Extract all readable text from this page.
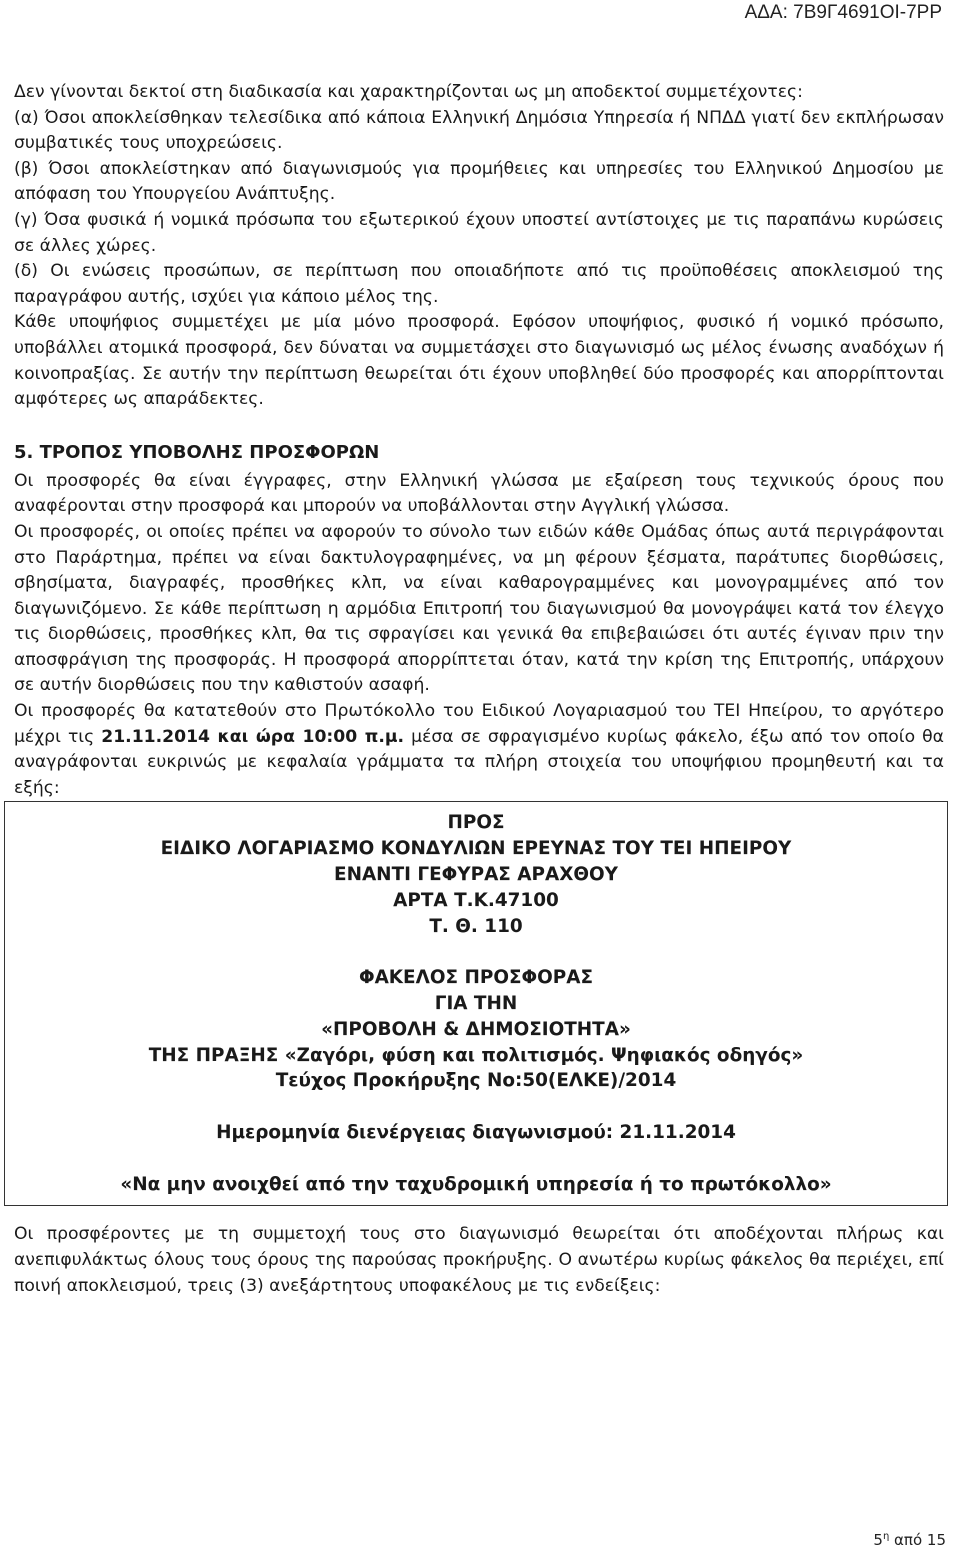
ΑΔΑ: 7Β9Γ4691ΟΙ-7ΡΡ

Δεν γίνονται δεκτοί στη διαδικασία και χαρακτηρίζονται ως μη αποδεκτοί συμμετέχοντες:

(α) Όσοι αποκλείσθηκαν τελεσίδικα από κάποια Ελληνική Δημόσια Υπηρεσία ή ΝΠΔΔ γιατί δεν εκπλήρωσαν συμβατικές τους υποχρεώσεις.

(β) Όσοι αποκλείστηκαν από διαγωνισμούς για προμήθειες και υπηρεσίες του Ελληνικού Δημοσίου με απόφαση του Υπουργείου Ανάπτυξης.

(γ) Όσα φυσικά ή νομικά πρόσωπα του εξωτερικού έχουν υποστεί αντίστοιχες με τις παραπάνω κυρώσεις σε άλλες χώρες.

(δ) Οι ενώσεις προσώπων, σε περίπτωση που οποιαδήποτε από τις προϋποθέσεις αποκλεισμού της παραγράφου αυτής, ισχύει για κάποιο μέλος της.

Κάθε υποψήφιος συμμετέχει με μία μόνο προσφορά. Εφόσον υποψήφιος, φυσικό ή νομικό πρόσωπο, υποβάλλει ατομικά προσφορά, δεν δύναται να συμμετάσχει στο διαγωνισμό ως μέλος ένωσης αναδόχων ή κοινοπραξίας. Σε αυτήν την περίπτωση θεωρείται ότι έχουν υποβληθεί δύο προσφορές και απορρίπτονται αμφότερες ως απαράδεκτες.

5. ΤΡΟΠΟΣ ΥΠΟΒΟΛΗΣ ΠΡΟΣΦΟΡΩΝ

Οι προσφορές θα είναι έγγραφες, στην Ελληνική γλώσσα με εξαίρεση τους τεχνικούς όρους που αναφέρονται στην προσφορά και μπορούν να υποβάλλονται στην Αγγλική γλώσσα.

Οι προσφορές, οι οποίες πρέπει να αφορούν το σύνολο των ειδών κάθε Ομάδας όπως αυτά περιγράφονται στο Παράρτημα, πρέπει να είναι δακτυλογραφημένες, να μη φέρουν ξέσματα, παράτυπες διορθώσεις, σβησίματα, διαγραφές, προσθήκες κλπ, να είναι καθαρογραμμένες και μονογραμμένες από τον διαγωνιζόμενο. Σε κάθε περίπτωση η αρμόδια Επιτροπή του διαγωνισμού θα μονογράψει κατά τον έλεγχο τις διορθώσεις, προσθήκες κλπ, θα τις σφραγίσει και γενικά θα επιβεβαιώσει ότι αυτές έγιναν πριν την αποσφράγιση της προσφοράς. Η προσφορά απορρίπτεται όταν, κατά την κρίση της Επιτροπής, υπάρχουν σε αυτήν διορθώσεις που την καθιστούν ασαφή.

Οι προσφορές θα κατατεθούν στο Πρωτόκολλο του Ειδικού Λογαριασμού του ΤΕΙ Ηπείρου, το αργότερο μέχρι τις 21.11.2014 και ώρα 10:00 π.μ. μέσα σε σφραγισμένο κυρίως φάκελο, έξω από τον οποίο θα αναγράφονται ευκρινώς με κεφαλαία γράμματα τα πλήρη στοιχεία του υποψήφιου προμηθευτή και τα εξής:

ΠΡΟΣ
ΕΙΔΙΚΟ ΛΟΓΑΡΙΑΣΜΟ ΚΟΝΔΥΛΙΩΝ ΕΡΕΥΝΑΣ ΤΟΥ ΤΕΙ ΗΠΕΙΡΟΥ
ΕΝΑΝΤΙ ΓΕΦΥΡΑΣ ΑΡΑΧΘΟΥ
ΑΡΤΑ Τ.Κ.47100
Τ. Θ. 110
ΦΑΚΕΛΟΣ ΠΡΟΣΦΟΡΑΣ
ΓΙΑ ΤΗΝ
«ΠΡΟΒΟΛΗ & ΔΗΜΟΣΙΟΤΗΤΑ»
ΤΗΣ ΠΡΑΞΗΣ «Ζαγόρι, φύση και πολιτισμός. Ψηφιακός οδηγός»
Τεύχος Προκήρυξης Νο:50(ΕΛΚΕ)/2014
Ημερομηνία διενέργειας διαγωνισμού: 21.11.2014
«Να μην ανοιχθεί από την ταχυδρομική υπηρεσία ή το πρωτόκολλο»

Οι προσφέροντες με τη συμμετοχή τους στο διαγωνισμό θεωρείται ότι αποδέχονται πλήρως και ανεπιφυλάκτως όλους τους όρους της παρούσας προκήρυξης. Ο ανωτέρω κυρίως φάκελος θα περιέχει, επί ποινή αποκλεισμού, τρεις (3) ανεξάρτητους υποφακέλους με τις ενδείξεις:

$5^\eta$ από 15
